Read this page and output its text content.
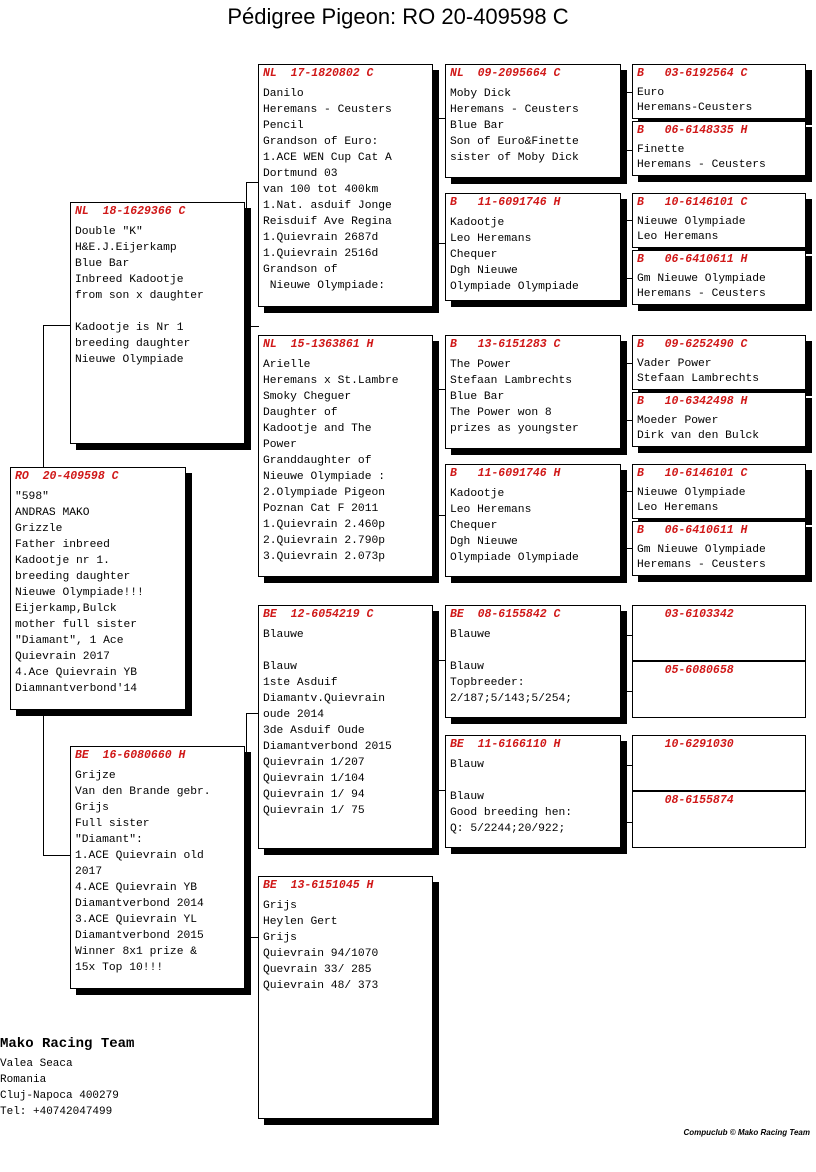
Pédigree Pigeon: RO 20-409598 C
RO  20-409598 C
"598"
ANDRAS MAKO
Grizzle
Father inbreed
Kadootje nr 1.
breeding daughter
Nieuwe Olympiade!!!
Eijerkamp,Bulck
mother full sister
"Diamant", 1 Ace
Quievrain 2017
4.Ace Quievrain YB
Diamnantverbond'14
NL  18-1629366 C
Double "K"
H&E.J.Eijerkamp
Blue Bar
Inbreed Kadootje
from son x daughter

Kadootje is Nr 1
breeding daughter
Nieuwe Olympiade
BE  16-6080660 H
Grijze
Van den Brande gebr.
Grijs
Full sister
"Diamant":
1.ACE Quievrain old
2017
4.ACE Quievrain YB
Diamantverbond 2014
3.ACE Quievrain YL
Diamantverbond 2015
Winner 8x1 prize &
15x Top 10!!!
NL  17-1820802 C
Danilo
Heremans - Ceusters
Pencil
Grandson of Euro:
1.ACE WEN Cup Cat A
Dortmund 03
van 100 tot 400km
1.Nat. asduif Jonge
Reisduif Ave Regina
1.Quievrain 2687d
1.Quievrain 2516d
Grandson of
Nieuwe Olympiade:
NL  15-1363861 H
Arielle
Heremans x St.Lambre
Smoky Cheguer
Daughter of
Kadootje and The
Power
Granddaughter of
Nieuwe Olympiade :
2.Olympiade Pigeon
Poznan Cat F 2011
1.Quievrain 2.460p
2.Quievrain 2.790p
3.Quievrain 2.073p
BE  12-6054219 C
Blauwe

Blauw
1ste Asduif
Diamantv.Quievrain
oude 2014
3de Asduif Oude
Diamantverbond 2015
Quievrain 1/207
Quievrain 1/104
Quievrain 1/ 94
Quievrain 1/ 75
BE  13-6151045 H
Grijs
Heylen Gert
Grijs
Quievrain 94/1070
Quevrain 33/ 285
Quievrain 48/ 373
NL  09-2095664 C
Moby Dick
Heremans - Ceusters
Blue Bar
Son of Euro&Finette
sister of Moby Dick
B   11-6091746 H
Kadootje
Leo Heremans
Chequer
Dgh Nieuwe
Olympiade Olympiade
B   13-6151283 C
The Power
Stefaan Lambrechts
Blue Bar
The Power won 8
prizes as youngster
B   11-6091746 H
Kadootje
Leo Heremans
Chequer
Dgh Nieuwe
Olympiade Olympiade
BE  08-6155842 C
Blauwe

Blauw
Topbreeder:
2/187;5/143;5/254;
BE  11-6166110 H
Blauw

Blauw
Good breeding hen:
Q: 5/2244;20/922;
B   03-6192564 C
Euro
Heremans-Ceusters
B   06-6148335 H
Finette
Heremans - Ceusters
B   10-6146101 C
Nieuwe Olympiade
Leo Heremans
B   06-6410611 H
Gm Nieuwe Olympiade
Heremans - Ceusters
B   09-6252490 C
Vader Power
Stefaan Lambrechts
B   10-6342498 H
Moeder Power
Dirk van den Bulck
B   10-6146101 C
Nieuwe Olympiade
Leo Heremans
B   06-6410611 H
Gm Nieuwe Olympiade
Heremans - Ceusters
03-6103342
05-6080658
10-6291030
08-6155874
Mako Racing Team
Valea Seaca
Romania
Cluj-Napoca 400279
Tel: +40742047499
Compuclub © Mako Racing Team
